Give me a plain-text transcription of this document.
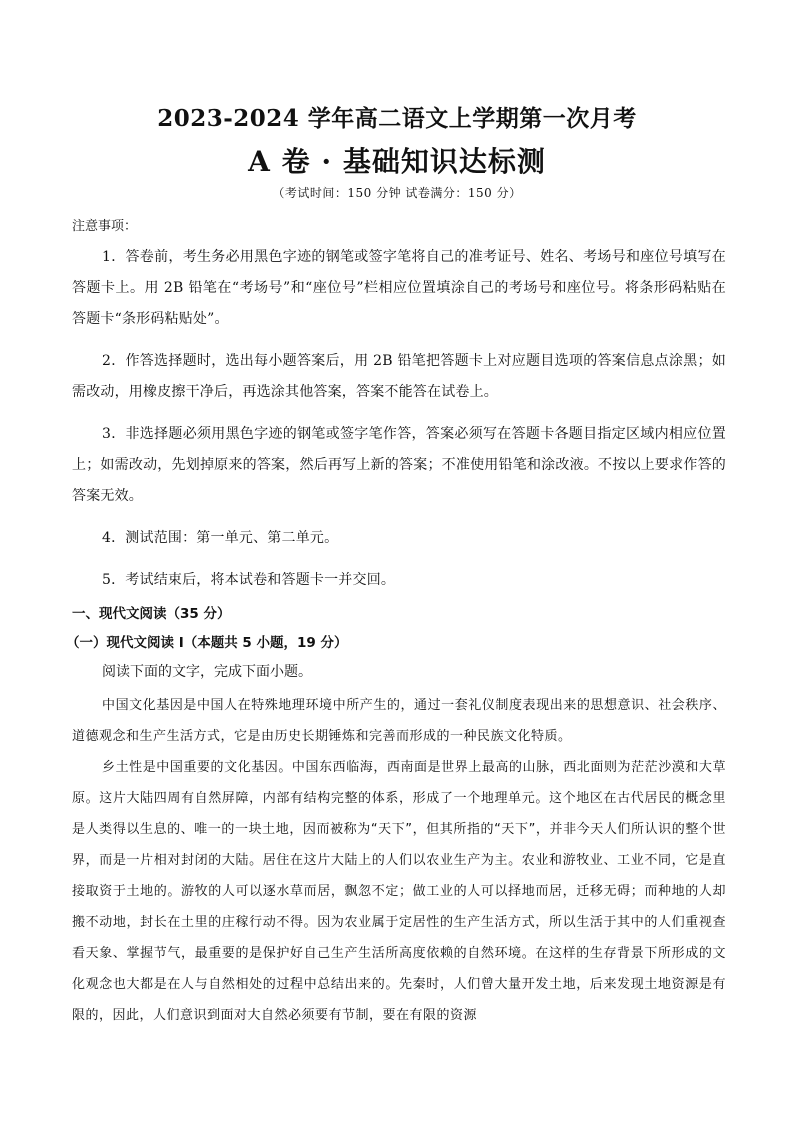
2023-2024 学年高二语文上学期第一次月考
A 卷 · 基础知识达标测
（考试时间：150 分钟 试卷满分：150 分）
注意事项：

1．答卷前，考生务必用黑色字迹的钢笔或签字笔将自己的准考证号、姓名、考场号和座位号填写在答题卡上。用 2B 铅笔在“考场号”和“座位号”栏相应位置填涂自己的考场号和座位号。将条形码粘贴在答题卡“条形码粘贴处”。

2．作答选择题时，选出每小题答案后，用 2B 铅笔把答题卡上对应题目选项的答案信息点涂黑；如需改动，用橡皮擦干净后，再选涂其他答案，答案不能答在试卷上。

3．非选择题必须用黑色字迹的钢笔或签字笔作答，答案必须写在答题卡各题目指定区域内相应位置上；如需改动，先划掉原来的答案，然后再写上新的答案；不准使用铅笔和涂改液。不按以上要求作答的答案无效。

4．测试范围：第一单元、第二单元。

5．考试结束后，将本试卷和答题卡一并交回。

一、现代文阅读（35 分）
（一）现代文阅读 I（本题共 5 小题，19 分）
阅读下面的文字，完成下面小题。

中国文化基因是中国人在特殊地理环境中所产生的，通过一套礼仪制度表现出来的思想意识、社会秩序、道德观念和生产生活方式，它是由历史长期锤炼和完善而形成的一种民族文化特质。

乡土性是中国重要的文化基因。中国东西临海，西南面是世界上最高的山脉，西北面则为茫茫沙漠和大草原。这片大陆四周有自然屏障，内部有结构完整的体系，形成了一个地理单元。这个地区在古代居民的概念里是人类得以生息的、唯一的一块土地，因而被称为“天下”，但其所指的“天下”，并非今天人们所认识的整个世界，而是一片相对封闭的大陆。居住在这片大陆上的人们以农业生产为主。农业和游牧业、工业不同，它是直接取资于土地的。游牧的人可以逐水草而居，飘忽不定；做工业的人可以择地而居，迁移无碍；而种地的人却搬不动地，封长在土里的庄稼行动不得。因为农业属于定居性的生产生活方式，所以生活于其中的人们重视查看天象、掌握节气，最重要的是保护好自己生产生活所高度依赖的自然环境。在这样的生存背景下所形成的文化观念也大都是在人与自然相处的过程中总结出来的。先秦时，人们曾大量开发土地，后来发现土地资源是有限的，因此，人们意识到面对大自然必须要有节制，要在有限的资源
